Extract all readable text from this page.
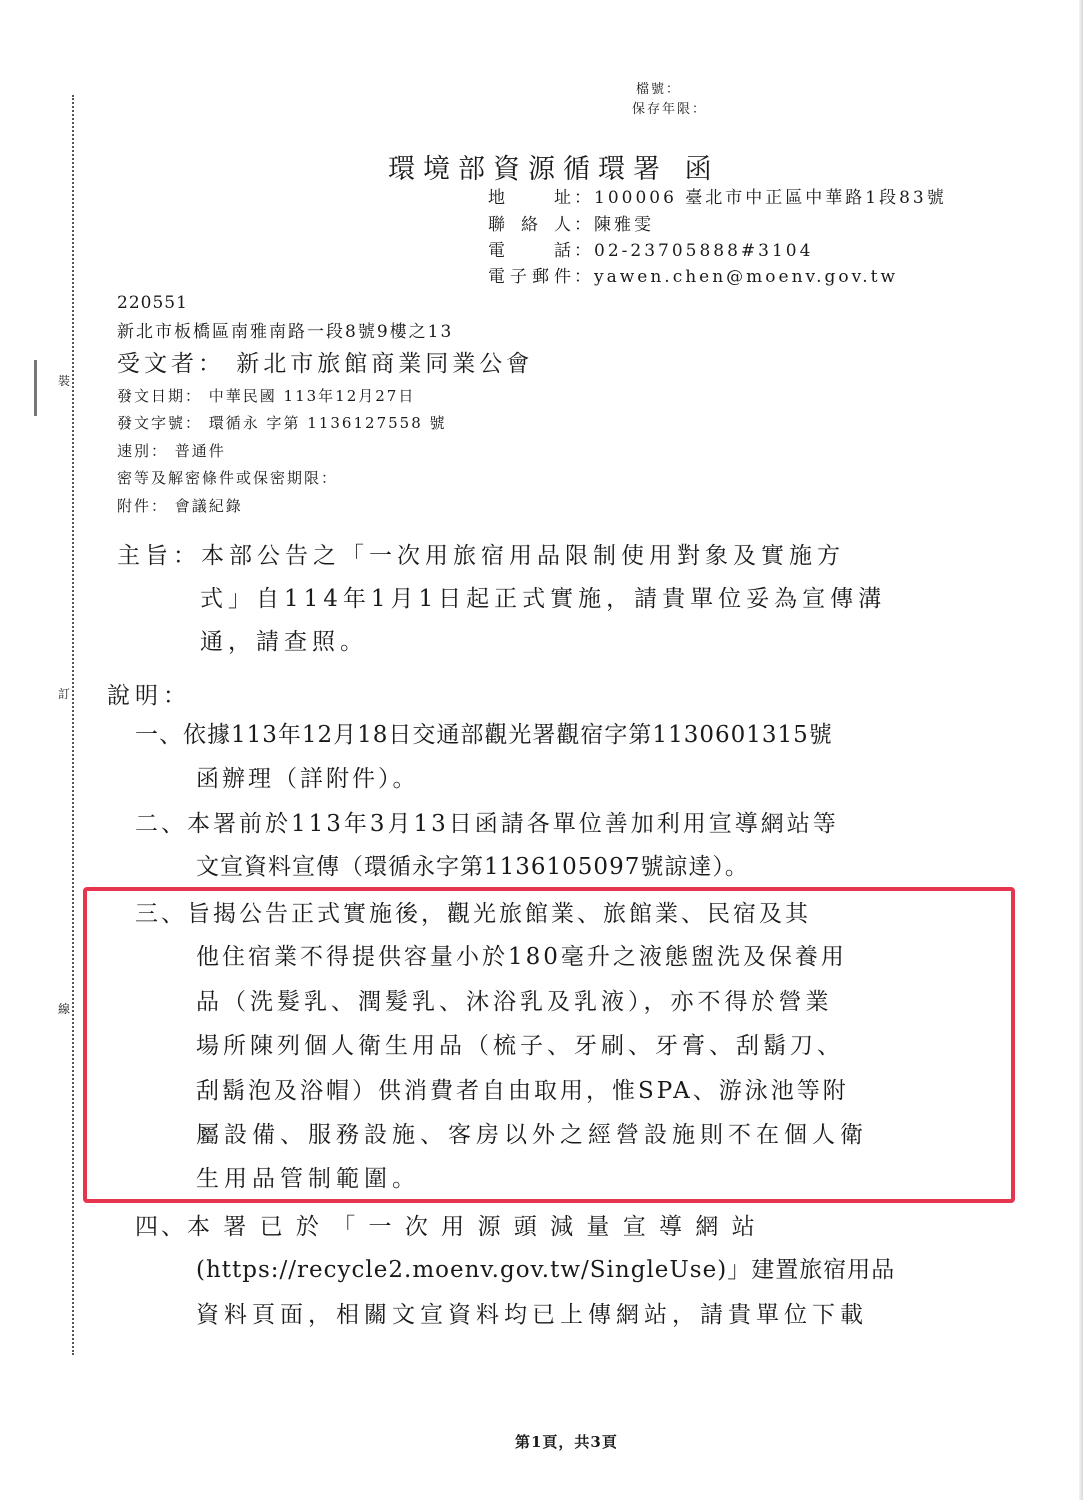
裝
訂
線
檔號：
保存年限：
環境部資源循環署 函
地　　址：100006 臺北市中正區中華路1段83號
聯 絡 人：陳雅雯
電　　話：02-23705888#3104
電子郵件：yawen.chen@moenv.gov.tw
220551
新北市板橋區南雅南路一段8號9樓之13
受文者： 新北市旅館商業同業公會
發文日期： 中華民國 113年12月27日
發文字號： 環循永 字第 1136127558 號
速別： 普通件
密等及解密條件或保密期限：
附件： 會議紀錄
主旨：本部公告之「一次用旅宿用品限制使用對象及實施方
式」自114年1月1日起正式實施，請貴單位妥為宣傳溝
通，請查照。
說明：
一、依據113年12月18日交通部觀光署觀宿字第1130601315號
函辦理（詳附件）。
二、本署前於113年3月13日函請各單位善加利用宣導網站等
文宣資料宣傳（環循永字第1136105097號諒達）。
三、旨揭公告正式實施後，觀光旅館業、旅館業、民宿及其
他住宿業不得提供容量小於180毫升之液態盥洗及保養用
品（洗髮乳、潤髮乳、沐浴乳及乳液），亦不得於營業
場所陳列個人衛生用品（梳子、牙刷、牙膏、刮鬍刀、
刮鬍泡及浴帽）供消費者自由取用，惟SPA、游泳池等附
屬設備、服務設施、客房以外之經營設施則不在個人衛
生用品管制範圍。
四、本 署 已 於 「 一 次 用 源 頭 減 量 宣 導 網 站
(https://recycle2.moenv.gov.tw/SingleUse)」建置旅宿用品
資料頁面，相關文宣資料均已上傳網站，請貴單位下載
第1頁，共3頁
